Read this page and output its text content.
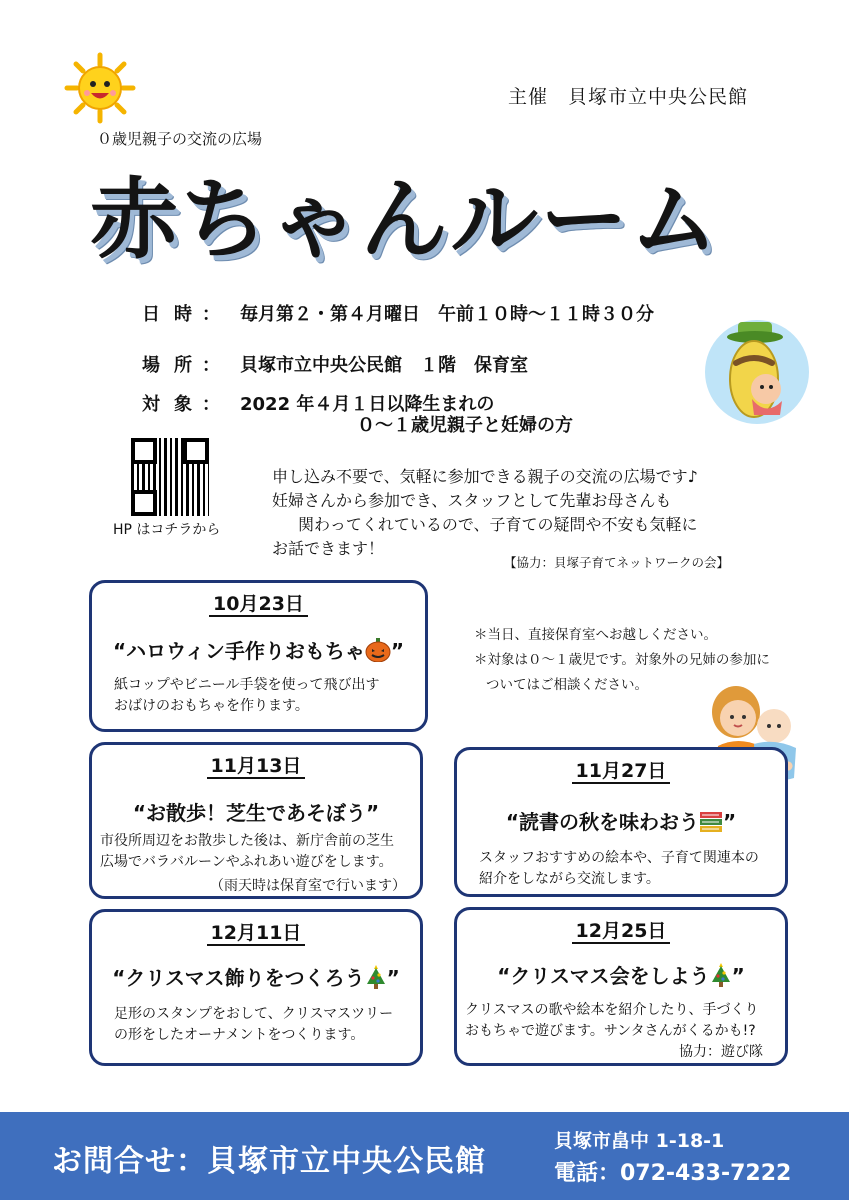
主催　貝塚市立中央公民館
０歳児親子の交流の広場
赤ちゃんルーム
日時： 毎月第２・第４月曜日　午前１０時～１１時３０分
場所： 貝塚市立中央公民館　１階　保育室
対象： 2022 年４月１日以降生まれの
０～１歳児親子と妊婦の方
HP はコチラから
申し込み不要で、気軽に参加できる親子の交流の広場です♪
妊婦さんから参加でき、スタッフとして先輩お母さんも
関わってくれているので、子育ての疑問や不安も気軽に
お話できます！
【協力：貝塚子育てネットワークの会】
＊当日、直接保育室へお越しください。
＊対象は０～１歳児です。対象外の兄姉の参加に
ついてはご相談ください。
10月23日
“ハロウィン手作りおもちゃ ”
紙コップやビニール手袋を使って飛び出す
おばけのおもちゃを作ります。
11月13日
“お散歩！芝生であそぼう”
市役所周辺をお散歩した後は、新庁舎前の芝生
広場でバラバルーンやふれあい遊びをします。
（雨天時は保育室で行います）
11月27日
“読書の秋を味わおう ”
スタッフおすすめの絵本や、子育て関連本の
紹介をしながら交流します。
12月11日
“クリスマス飾りをつくろう ”
足形のスタンプをおして、クリスマスツリー
の形をしたオーナメントをつくります。
12月25日
“クリスマス会をしよう ”
クリスマスの歌や絵本を紹介したり、手づくり
おもちゃで遊びます。サンタさんがくるかも!?
協力：遊び隊
お問合せ：貝塚市立中央公民館
貝塚市畠中 1-18-1
電話：072-433-7222
